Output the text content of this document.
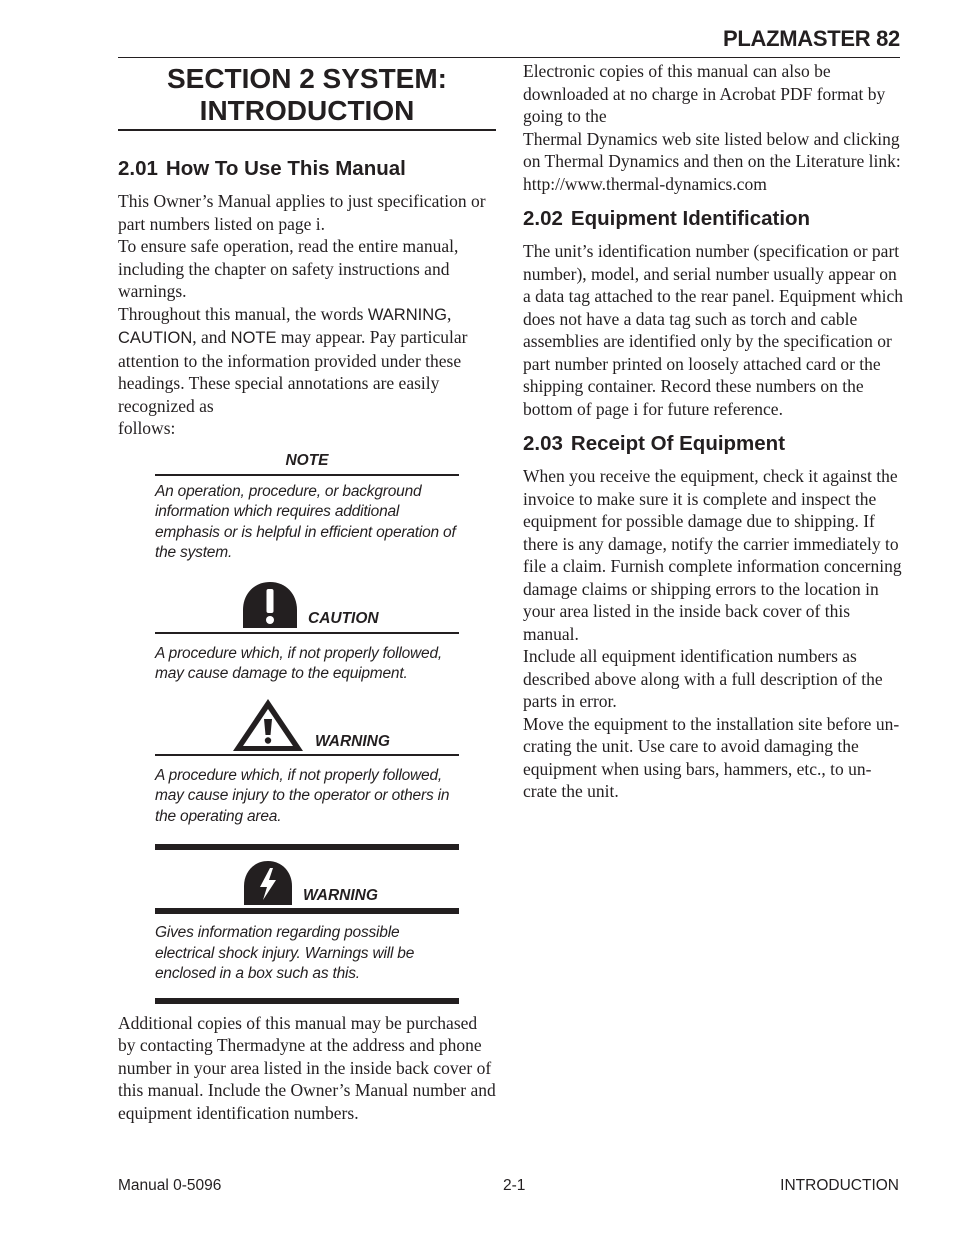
PLAZMASTER 82
SECTION 2 SYSTEM:
INTRODUCTION
2.01 How To Use This Manual

This Owner’s Manual applies to just specification or part numbers listed on page i.

To ensure safe operation, read the entire manual, including the chapter on safety instructions and warnings.

Throughout this manual, the words WARNING, CAUTION, and NOTE may appear. Pay particular attention to the information provided under these headings. These special annotations are easily recognized as

follows:

NOTE

An operation, procedure, or background information which requires additional emphasis or is helpful in efficient operation of the system.

CAUTION

A procedure which, if not properly followed, may cause damage to the equipment.

WARNING

A procedure which, if not properly followed, may cause injury to the operator or others in the operating area.

WARNING

Gives information regarding possible electrical shock injury. Warnings will be enclosed in a box such as this.

Additional copies of this manual may be purchased by contacting Thermadyne at the address and phone number in your area listed in the inside back cover of this manual. Include the Owner’s Manual number and equipment identification numbers.

Electronic copies of this manual can also be downloaded at no charge in Acrobat PDF format by going to the

Thermal Dynamics web site listed below and clicking on Thermal Dynamics and then on the Literature link:

http://www.thermal-dynamics.com

2.02 Equipment Identification

The unit’s identification number (specification or part number), model, and serial number usually appear on a data tag attached to the rear panel. Equipment which does not have a data tag such as torch and cable assemblies are identified only by the specification or part number printed on loosely attached card or the shipping container. Record these numbers on the bottom of page i for future reference.

2.03 Receipt Of Equipment

When you receive the equipment, check it against the invoice to make sure it is complete and inspect the equipment for possible damage due to shipping. If there is any damage, notify the carrier immediately to file a claim. Furnish complete information concerning damage claims or shipping errors to the location in your area listed in the inside back cover of this manual.

Include all equipment identification numbers as described above along with a full description of the parts in error.

Move the equipment to the installation site before un-crating the unit. Use care to avoid damaging the equipment when using bars, hammers, etc., to un-crate the unit.

Manual 0-5096	2-1	INTRODUCTION
